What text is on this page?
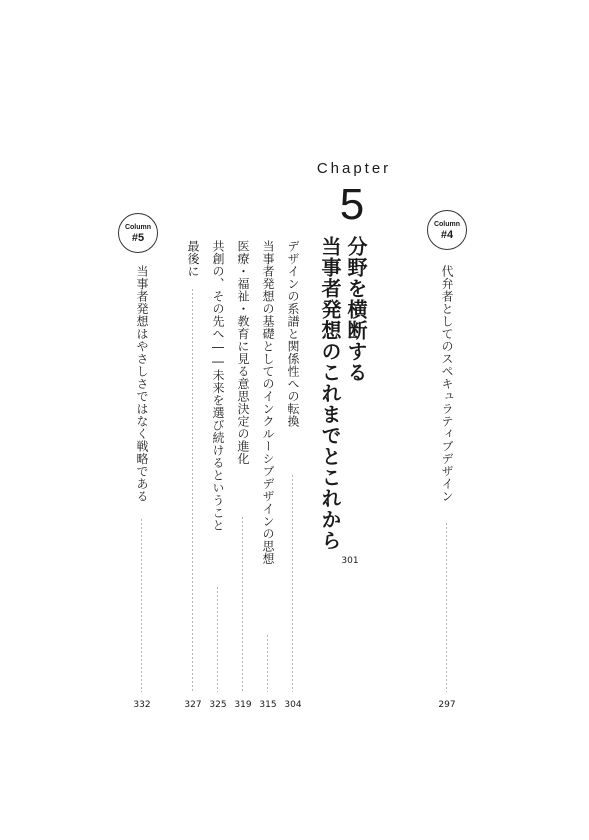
Chapter
5
分野を横断する
当事者発想のこれまでとこれから
301
Column
#4
代弁者としてのスペキュラティブデザイン
297
デザインの系譜と関係性への転換
304
当事者発想の基礎としてのインクルーシブデザインの思想
315
医療・福祉・教育に見る意思決定の進化
319
共創の、その先へ――未来を選び続けるということ
325
最後に
327
Column
#5
当事者発想はやさしさではなく戦略である
332
